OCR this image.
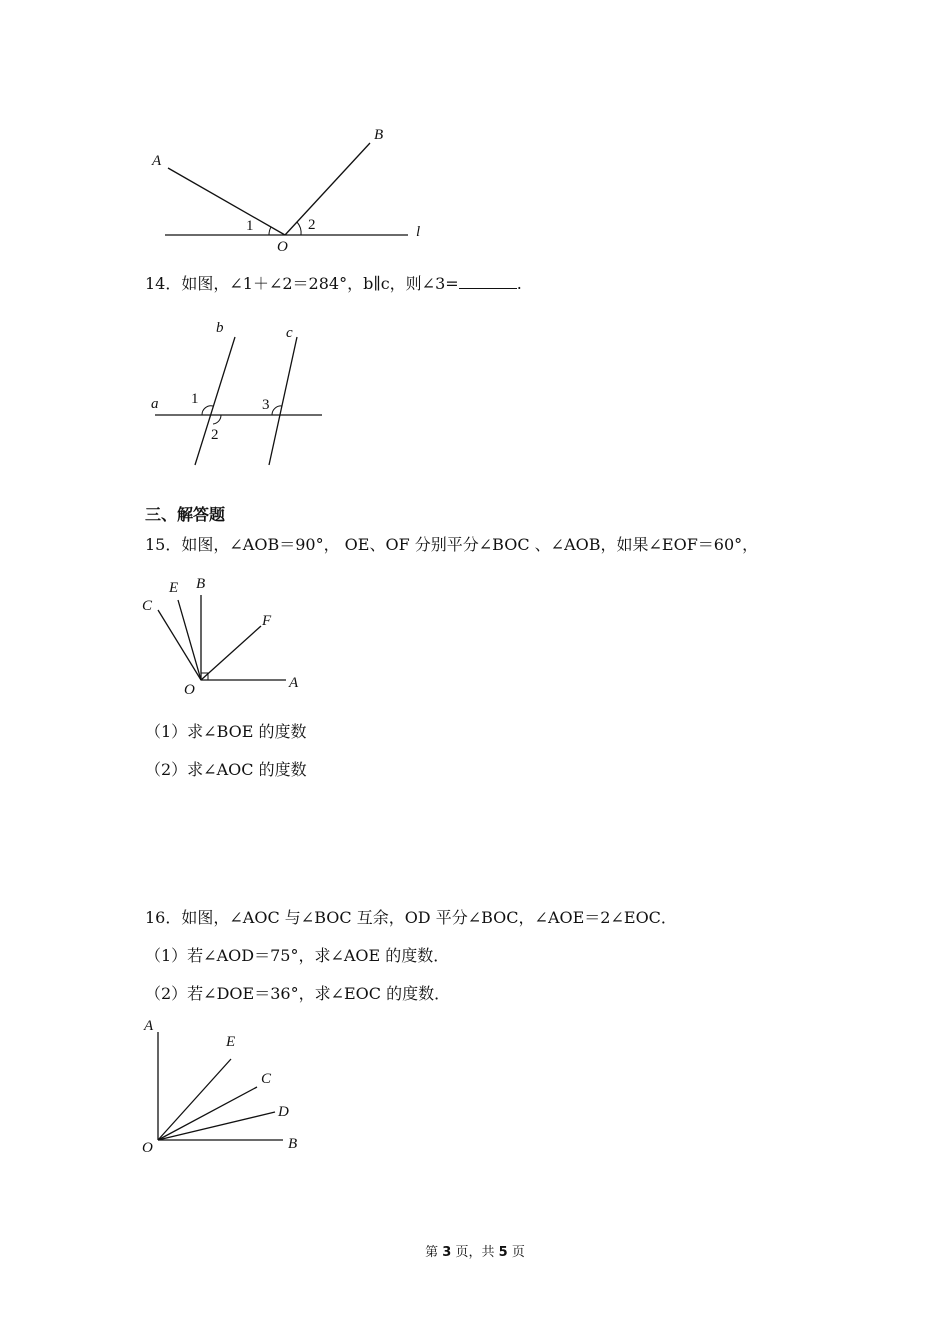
A
B
O
l
1	2
14．如图，∠1＋∠2＝284°，b∥c，则∠3=	.
a
b	c
1
2
3
三、解答题
15．如图，∠AOB＝90°， OE、OF 分别平分∠BOC 、∠AOB，如果∠EOF＝60°，
C
E B
F
O	A
（1）求∠BOE 的度数
（2）求∠AOC 的度数
16．如图，∠AOC 与∠BOC 互余，OD 平分∠BOC，∠AOE＝2∠EOC．
（1）若∠AOD＝75°，求∠AOE 的度数．
（2）若∠DOE＝36°，求∠EOC 的度数．
A
E
C
D
O	B
第 3 页，共 5 页
